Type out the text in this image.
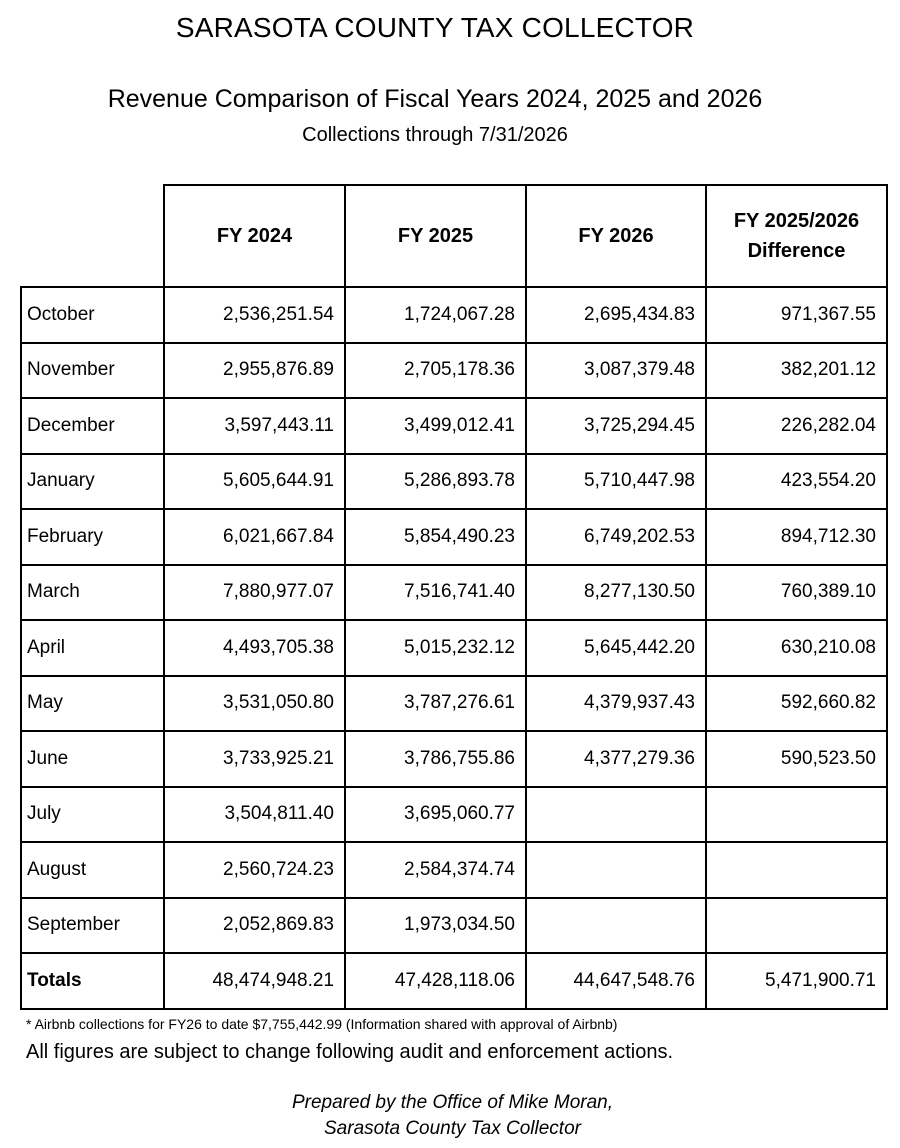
SARASOTA COUNTY TAX COLLECTOR
Revenue Comparison of Fiscal Years 2024, 2025 and 2026
Collections through 7/31/2026
	FY 2024	FY 2025	FY 2026	FY 2025/2026
Difference
October	2,536,251.54	1,724,067.28	2,695,434.83	971,367.55
November	2,955,876.89	2,705,178.36	3,087,379.48	382,201.12
December	3,597,443.11	3,499,012.41	3,725,294.45	226,282.04
January	5,605,644.91	5,286,893.78	5,710,447.98	423,554.20
February	6,021,667.84	5,854,490.23	6,749,202.53	894,712.30
March	7,880,977.07	7,516,741.40	8,277,130.50	760,389.10
April	4,493,705.38	5,015,232.12	5,645,442.20	630,210.08
May	3,531,050.80	3,787,276.61	4,379,937.43	592,660.82
June	3,733,925.21	3,786,755.86	4,377,279.36	590,523.50
July	3,504,811.40	3,695,060.77		
August	2,560,724.23	2,584,374.74		
September	2,052,869.83	1,973,034.50		
Totals	48,474,948.21	47,428,118.06	44,647,548.76	5,471,900.71
* Airbnb collections for FY26 to date $7,755,442.99 (Information shared with approval of Airbnb)
All figures are subject to change following audit and enforcement actions.
Prepared by the Office of Mike Moran,
Sarasota County Tax Collector
